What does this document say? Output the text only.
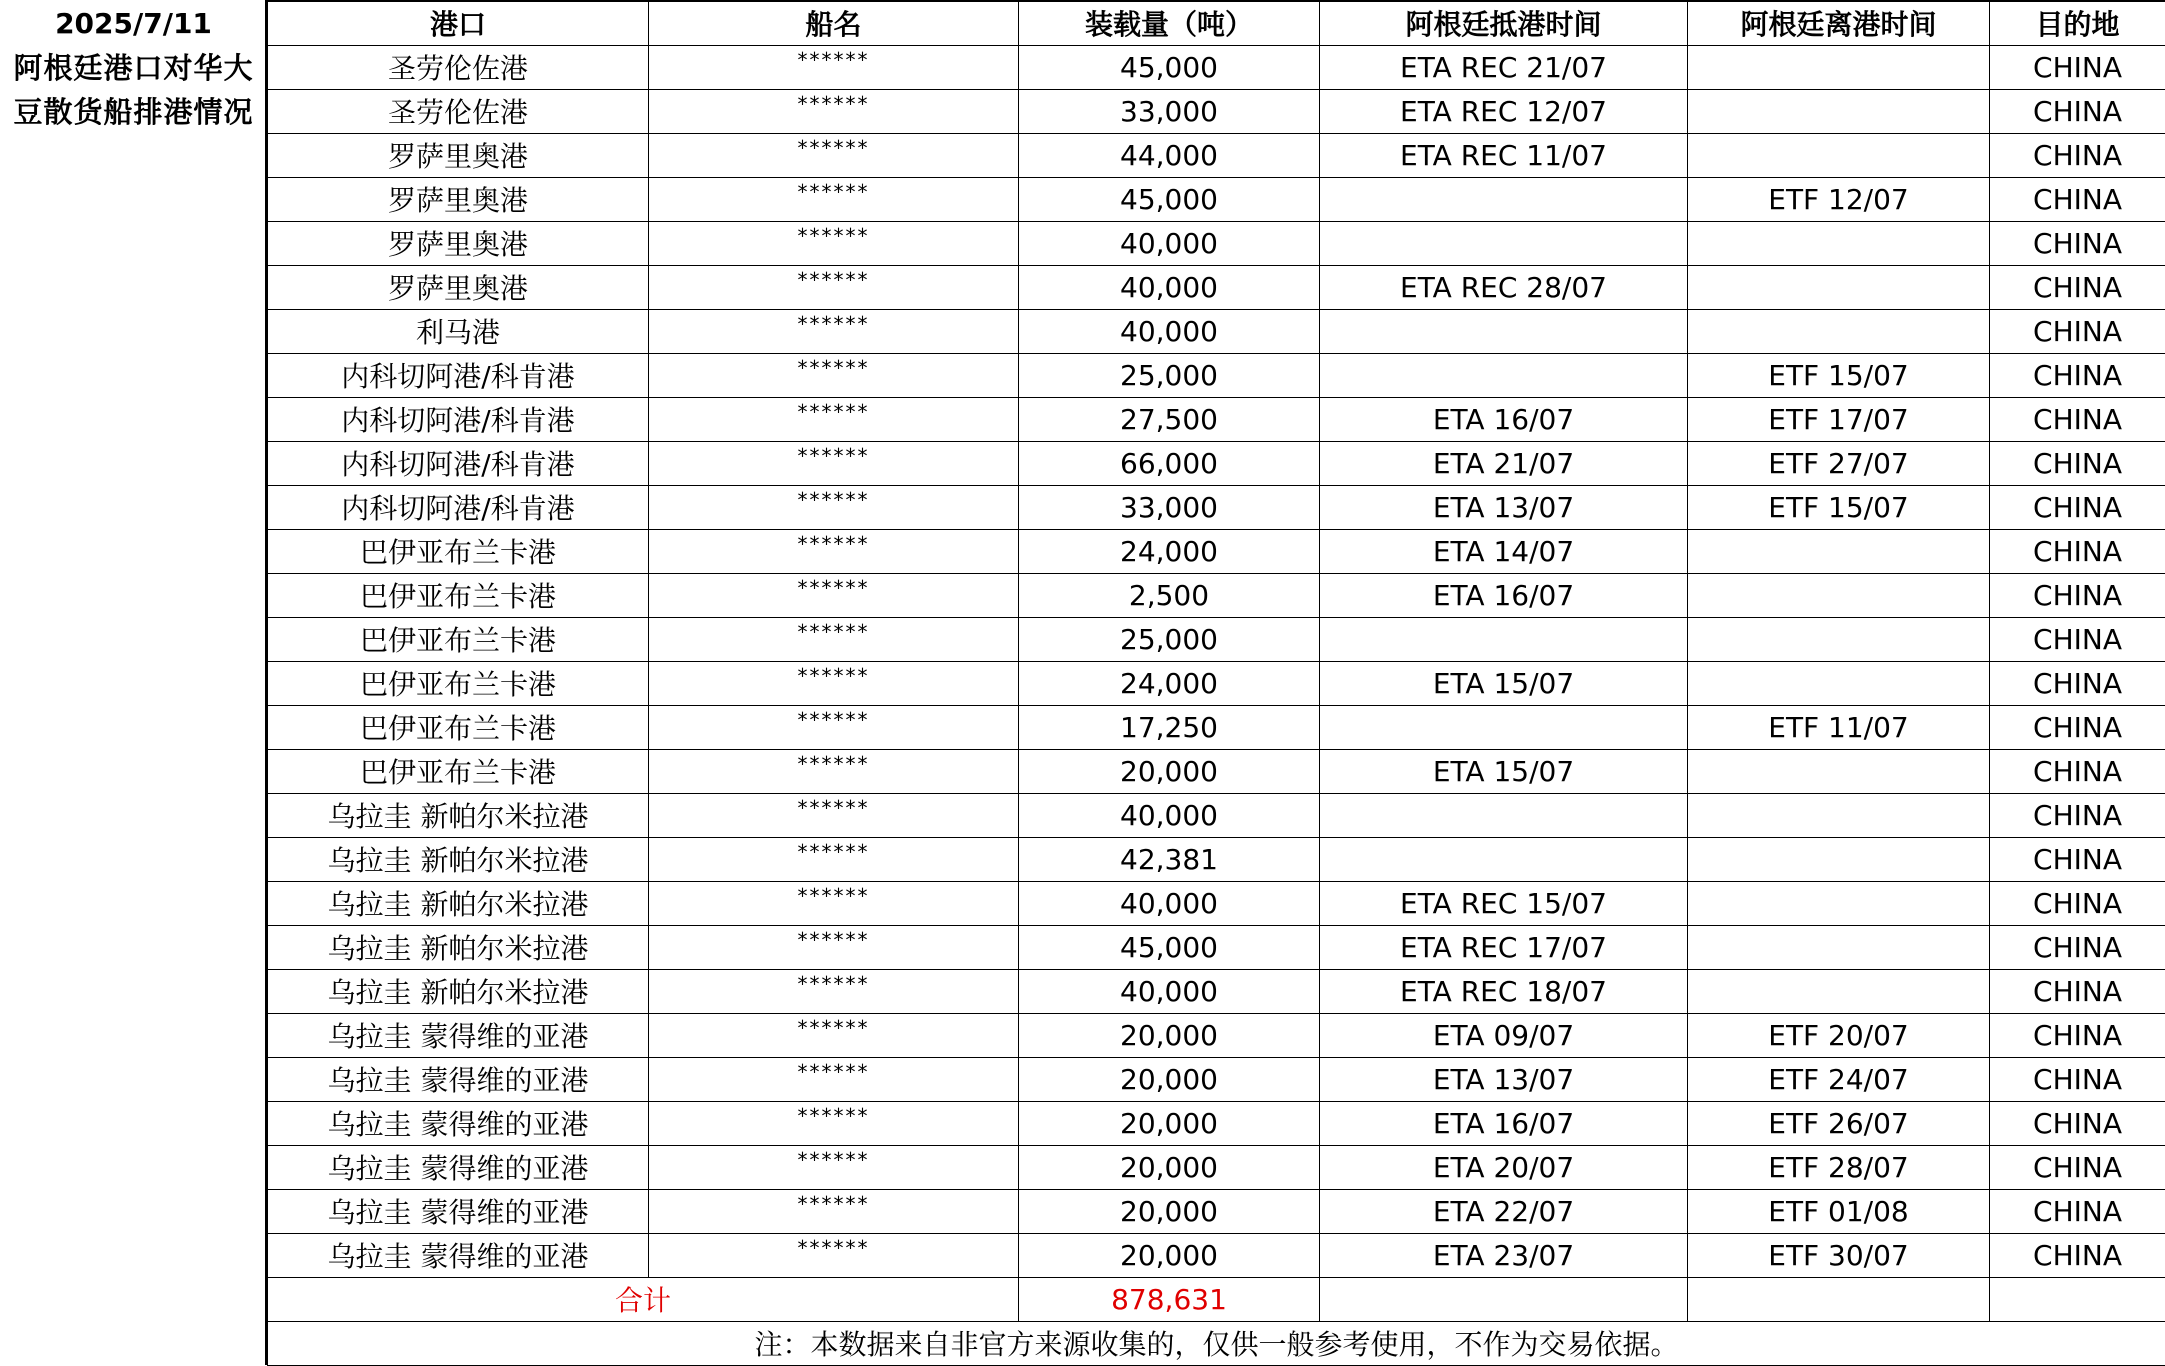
2025/7/11
阿根廷港口对华大豆散货船排港情况
港口	船名	装载量（吨）	阿根廷抵港时间	阿根廷离港时间	目的地
圣劳伦佐港	******	45,000	ETA REC 21/07		CHINA
圣劳伦佐港	******	33,000	ETA REC 12/07		CHINA
罗萨里奥港	******	44,000	ETA REC 11/07		CHINA
罗萨里奥港	******	45,000		ETF 12/07	CHINA
罗萨里奥港	******	40,000			CHINA
罗萨里奥港	******	40,000	ETA REC 28/07		CHINA
利马港	******	40,000			CHINA
内科切阿港/科肯港	******	25,000		ETF 15/07	CHINA
内科切阿港/科肯港	******	27,500	ETA 16/07	ETF 17/07	CHINA
内科切阿港/科肯港	******	66,000	ETA 21/07	ETF 27/07	CHINA
内科切阿港/科肯港	******	33,000	ETA 13/07	ETF 15/07	CHINA
巴伊亚布兰卡港	******	24,000	ETA 14/07		CHINA
巴伊亚布兰卡港	******	2,500	ETA 16/07		CHINA
巴伊亚布兰卡港	******	25,000			CHINA
巴伊亚布兰卡港	******	24,000	ETA 15/07		CHINA
巴伊亚布兰卡港	******	17,250		ETF 11/07	CHINA
巴伊亚布兰卡港	******	20,000	ETA 15/07		CHINA
乌拉圭 新帕尔米拉港	******	40,000			CHINA
乌拉圭 新帕尔米拉港	******	42,381			CHINA
乌拉圭 新帕尔米拉港	******	40,000	ETA REC 15/07		CHINA
乌拉圭 新帕尔米拉港	******	45,000	ETA REC 17/07		CHINA
乌拉圭 新帕尔米拉港	******	40,000	ETA REC 18/07		CHINA
乌拉圭 蒙得维的亚港	******	20,000	ETA 09/07	ETF 20/07	CHINA
乌拉圭 蒙得维的亚港	******	20,000	ETA 13/07	ETF 24/07	CHINA
乌拉圭 蒙得维的亚港	******	20,000	ETA 16/07	ETF 26/07	CHINA
乌拉圭 蒙得维的亚港	******	20,000	ETA 20/07	ETF 28/07	CHINA
乌拉圭 蒙得维的亚港	******	20,000	ETA 22/07	ETF 01/08	CHINA
乌拉圭 蒙得维的亚港	******	20,000	ETA 23/07	ETF 30/07	CHINA
合计		878,631			
注：本数据来自非官方来源收集的，仅供一般参考使用，不作为交易依据。					
